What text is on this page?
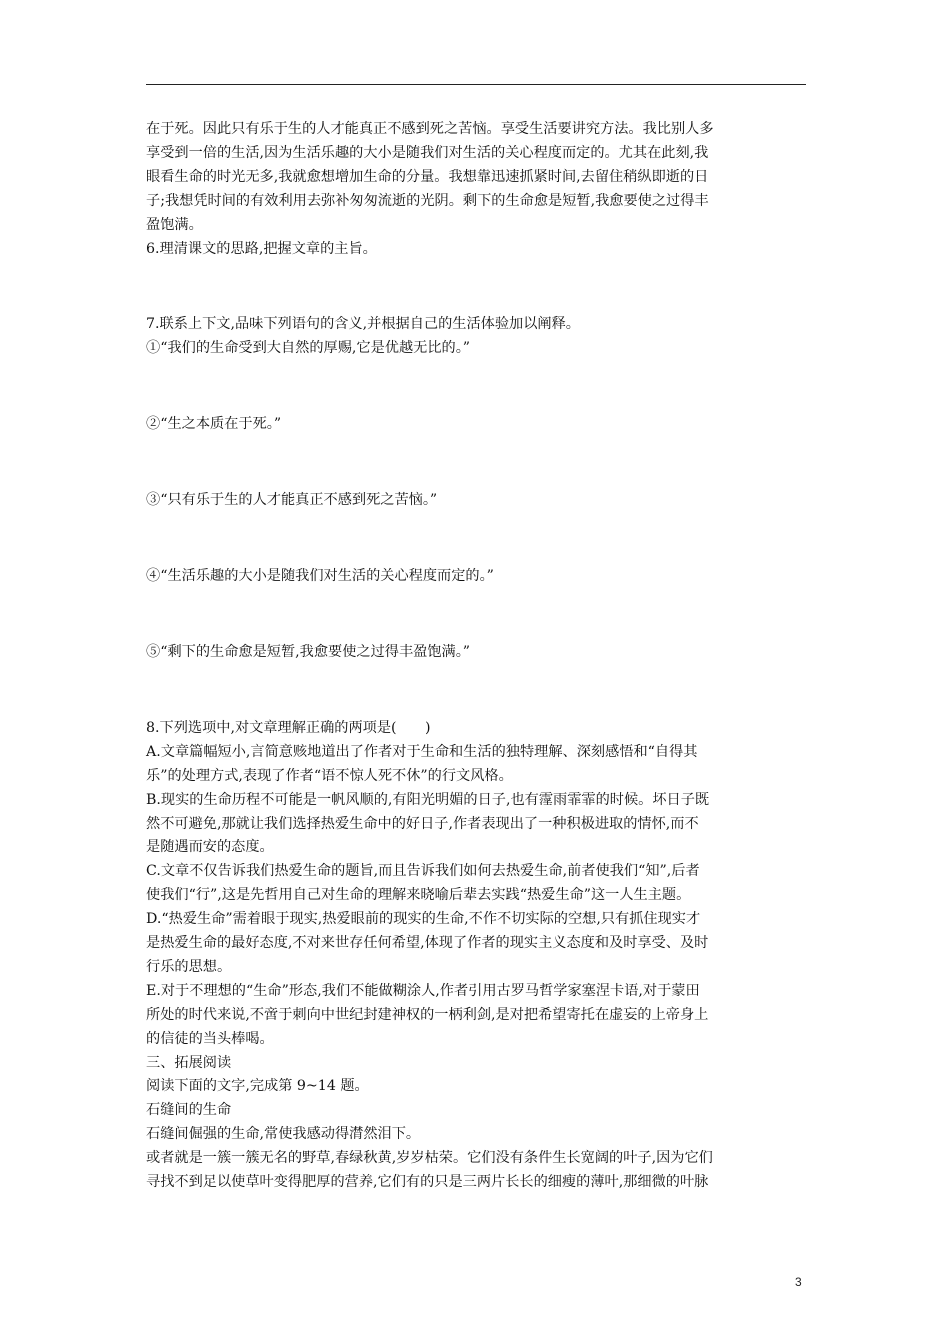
在于死。因此只有乐于生的人才能真正不感到死之苦恼。享受生活要讲究方法。我比别人多

享受到一倍的生活,因为生活乐趣的大小是随我们对生活的关心程度而定的。尤其在此刻,我

眼看生命的时光无多,我就愈想增加生命的分量。我想靠迅速抓紧时间,去留住稍纵即逝的日

子;我想凭时间的有效利用去弥补匆匆流逝的光阴。剩下的生命愈是短暂,我愈要使之过得丰

盈饱满。

6.理清课文的思路,把握文章的主旨。

7.联系上下文,品味下列语句的含义,并根据自己的生活体验加以阐释。

①“我们的生命受到大自然的厚赐,它是优越无比的。”

②“生之本质在于死。”

③“只有乐于生的人才能真正不感到死之苦恼。”

④“生活乐趣的大小是随我们对生活的关心程度而定的。”

⑤“剩下的生命愈是短暂,我愈要使之过得丰盈饱满。”

8.下列选项中,对文章理解正确的两项是(　　)

A.文章篇幅短小,言简意赅地道出了作者对于生命和生活的独特理解、深刻感悟和“自得其

乐”的处理方式,表现了作者“语不惊人死不休”的行文风格。

B.现实的生命历程不可能是一帆风顺的,有阳光明媚的日子,也有霪雨霏霏的时候。坏日子既

然不可避免,那就让我们选择热爱生命中的好日子,作者表现出了一种积极进取的情怀,而不

是随遇而安的态度。

C.文章不仅告诉我们热爱生命的题旨,而且告诉我们如何去热爱生命,前者使我们“知”,后者

使我们“行”,这是先哲用自己对生命的理解来晓喻后辈去实践“热爱生命”这一人生主题。

D.“热爱生命”需着眼于现实,热爱眼前的现实的生命,不作不切实际的空想,只有抓住现实才

是热爱生命的最好态度,不对来世存任何希望,体现了作者的现实主义态度和及时享受、及时

行乐的思想。

E.对于不理想的“生命”形态,我们不能做糊涂人,作者引用古罗马哲学家塞涅卡语,对于蒙田

所处的时代来说,不啻于刺向中世纪封建神权的一柄利剑,是对把希望寄托在虚妄的上帝身上

的信徒的当头棒喝。

三、拓展阅读

阅读下面的文字,完成第 9~14 题。

石缝间的生命

石缝间倔强的生命,常使我感动得潸然泪下。

或者就是一簇一簇无名的野草,春绿秋黄,岁岁枯荣。它们没有条件生长宽阔的叶子,因为它们

寻找不到足以使草叶变得肥厚的营养,它们有的只是三两片长长的细瘦的薄叶,那细微的叶脉

3
